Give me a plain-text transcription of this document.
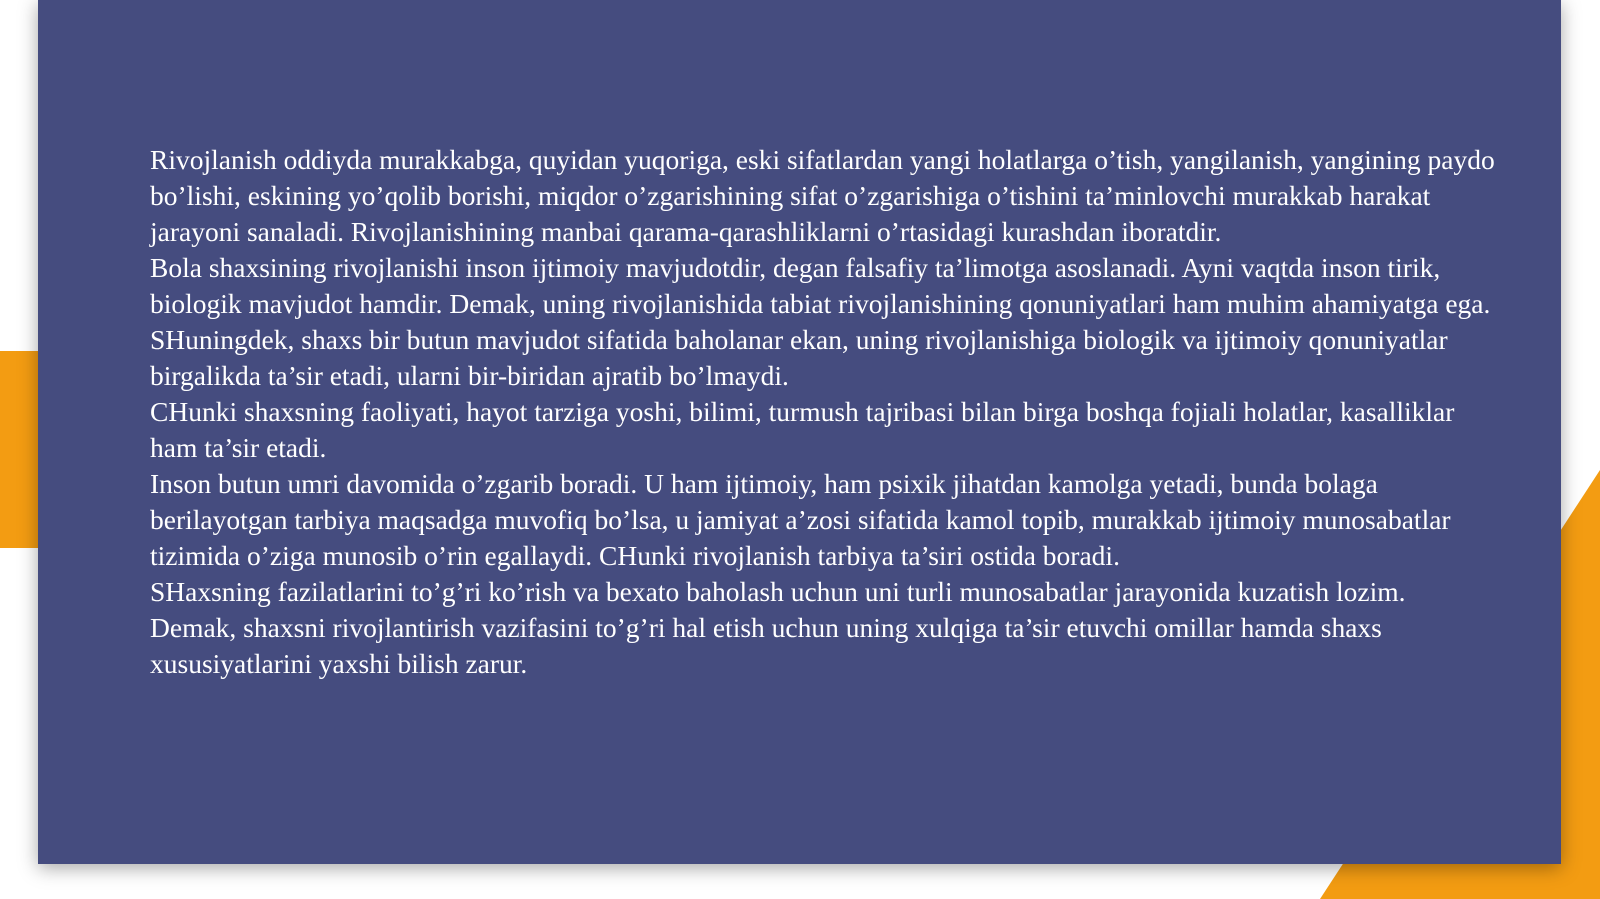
Rivojlanish oddiyda murakkabga, quyidan yuqoriga, eski sifatlardan yangi holatlarga o’tish, yangilanish, yangining paydo bo’lishi, eskining yo’qolib borishi, miqdor o’zgarishining sifat o’zgarishiga o’tishini ta’minlovchi murakkab harakat jarayoni sanaladi. Rivojlanishining manbai qarama-qarashliklarni o’rtasidagi kurashdan iboratdir.

Bola shaxsining rivojlanishi inson ijtimoiy mavjudotdir, degan falsafiy ta’limotga asoslanadi. Ayni vaqtda inson tirik, biologik mavjudot hamdir. Demak, uning rivojlanishida tabiat rivojlanishining qonuniyatlari ham muhim ahamiyatga ega. SHuningdek, shaxs bir butun mavjudot sifatida baholanar ekan, uning rivojlanishiga biologik va ijtimoiy qonuniyatlar birgalikda ta’sir etadi, ularni bir-biridan ajratib bo’lmaydi.

CHunki shaxsning faoliyati, hayot tarziga yoshi, bilimi, turmush tajribasi bilan birga boshqa fojiali holatlar, kasalliklar ham ta’sir etadi.

Inson butun umri davomida o’zgarib boradi. U ham ijtimoiy, ham psixik jihatdan kamolga yetadi, bunda bolaga berilayotgan tarbiya maqsadga muvofiq bo’lsa, u jamiyat a’zosi sifatida kamol topib, murakkab ijtimoiy munosabatlar tizimida o’ziga munosib o’rin egallaydi. CHunki rivojlanish tarbiya ta’siri ostida boradi.

SHaxsning fazilatlarini to’g’ri ko’rish va bexato baholash uchun uni turli munosabatlar jarayonida kuzatish lozim.

Demak, shaxsni rivojlantirish vazifasini to’g’ri hal etish uchun uning xulqiga ta’sir etuvchi omillar hamda shaxs xususiyatlarini yaxshi bilish zarur.
